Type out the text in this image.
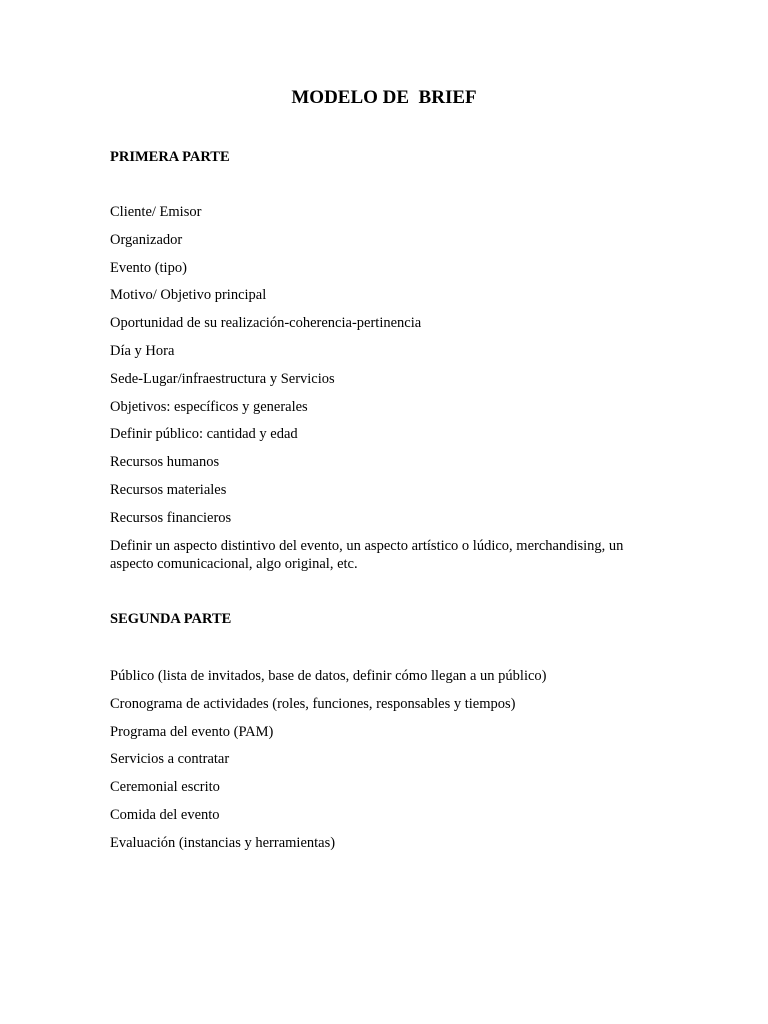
MODELO DE  BRIEF
PRIMERA PARTE
Cliente/ Emisor
Organizador
Evento (tipo)
Motivo/ Objetivo principal
Oportunidad de su realización-coherencia-pertinencia
Día y Hora
Sede-Lugar/infraestructura y Servicios
Objetivos: específicos y generales
Definir público: cantidad y edad
Recursos humanos
Recursos materiales
Recursos financieros
Definir un aspecto distintivo del evento, un aspecto artístico o lúdico, merchandising, un aspecto comunicacional, algo original, etc.
SEGUNDA PARTE
Público (lista de invitados, base de datos, definir cómo llegan a un público)
Cronograma de actividades (roles, funciones, responsables y tiempos)
Programa del evento (PAM)
Servicios a contratar
Ceremonial escrito
Comida del evento
Evaluación (instancias y herramientas)
